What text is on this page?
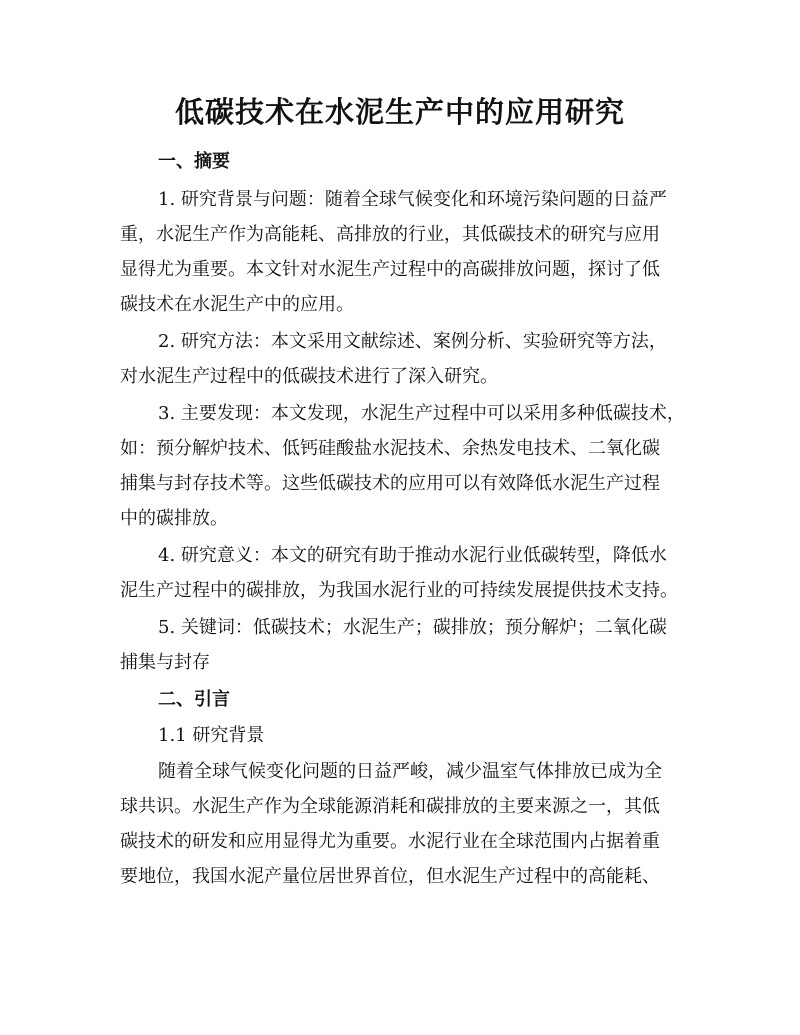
低碳技术在水泥生产中的应用研究
一、摘要

1. 研究背景与问题：随着全球气候变化和环境污染问题的日益严

重，水泥生产作为高能耗、高排放的行业，其低碳技术的研究与应用

显得尤为重要。本文针对水泥生产过程中的高碳排放问题，探讨了低

碳技术在水泥生产中的应用。

2. 研究方法：本文采用文献综述、案例分析、实验研究等方法，

对水泥生产过程中的低碳技术进行了深入研究。

3. 主要发现：本文发现，水泥生产过程中可以采用多种低碳技术，

如：预分解炉技术、低钙硅酸盐水泥技术、余热发电技术、二氧化碳

捕集与封存技术等。这些低碳技术的应用可以有效降低水泥生产过程

中的碳排放。

4. 研究意义：本文的研究有助于推动水泥行业低碳转型，降低水

泥生产过程中的碳排放，为我国水泥行业的可持续发展提供技术支持。

5. 关键词：低碳技术；水泥生产；碳排放；预分解炉；二氧化碳

捕集与封存

二、引言

1.1 研究背景

随着全球气候变化问题的日益严峻，减少温室气体排放已成为全

球共识。水泥生产作为全球能源消耗和碳排放的主要来源之一，其低

碳技术的研发和应用显得尤为重要。水泥行业在全球范围内占据着重

要地位，我国水泥产量位居世界首位，但水泥生产过程中的高能耗、
